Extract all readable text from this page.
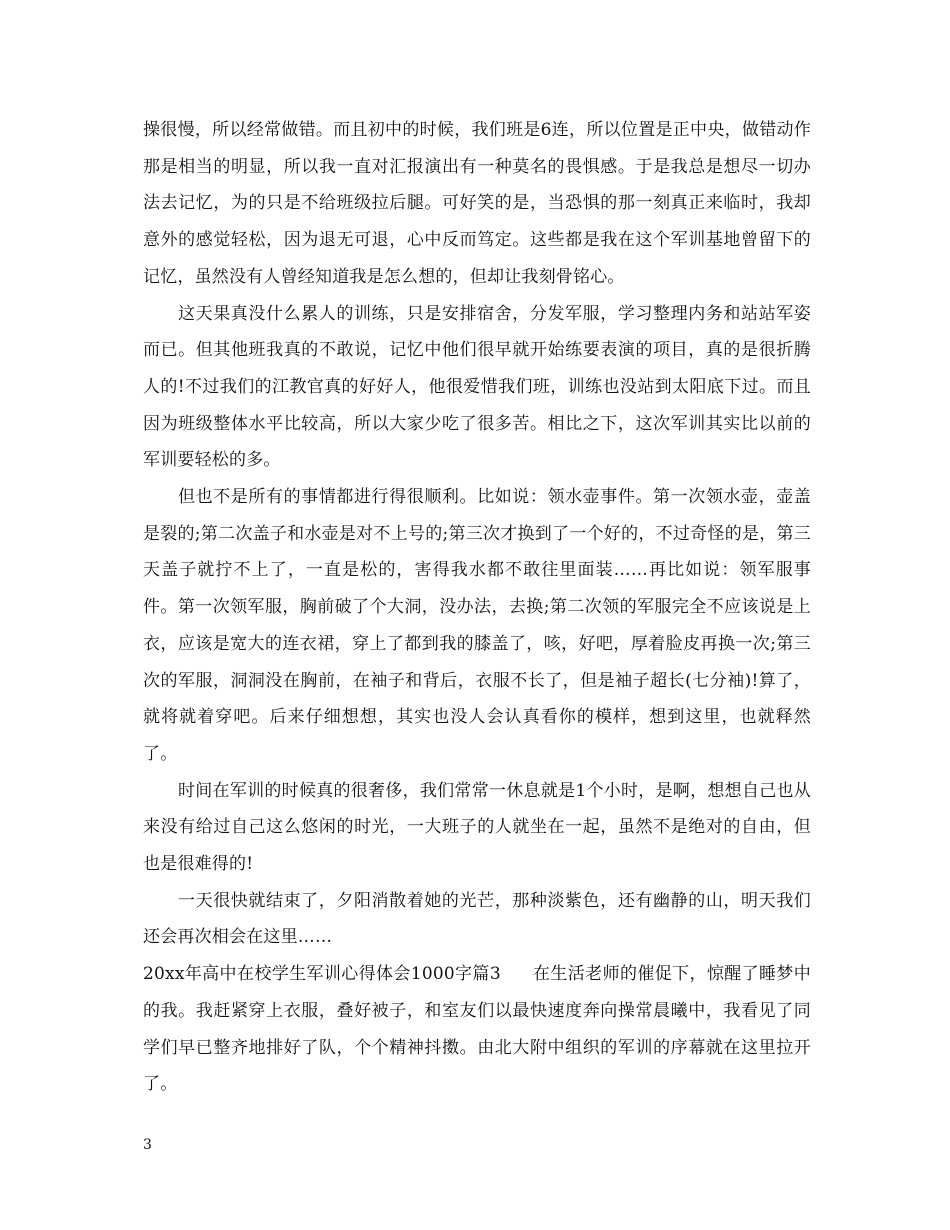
操很慢，所以经常做错。而且初中的时候，我们班是6连，所以位置是正中央，做错动作那是相当的明显，所以我一直对汇报演出有一种莫名的畏惧感。于是我总是想尽一切办法去记忆，为的只是不给班级拉后腿。可好笑的是，当恐惧的那一刻真正来临时，我却意外的感觉轻松，因为退无可退，心中反而笃定。这些都是我在这个军训基地曾留下的记忆，虽然没有人曾经知道我是怎么想的，但却让我刻骨铭心。

这天果真没什么累人的训练，只是安排宿舍，分发军服，学习整理内务和站站军姿而已。但其他班我真的不敢说，记忆中他们很早就开始练要表演的项目，真的是很折腾人的!不过我们的江教官真的好好人，他很爱惜我们班，训练也没站到太阳底下过。而且因为班级整体水平比较高，所以大家少吃了很多苦。相比之下，这次军训其实比以前的军训要轻松的多。

但也不是所有的事情都进行得很顺利。比如说：领水壶事件。第一次领水壶，壶盖是裂的;第二次盖子和水壶是对不上号的;第三次才换到了一个好的，不过奇怪的是，第三天盖子就拧不上了，一直是松的，害得我水都不敢往里面装……再比如说：领军服事件。第一次领军服，胸前破了个大洞，没办法，去换;第二次领的军服完全不应该说是上衣，应该是宽大的连衣裙，穿上了都到我的膝盖了，咳，好吧，厚着脸皮再换一次;第三次的军服，洞洞没在胸前，在袖子和背后，衣服不长了，但是袖子超长(七分袖)!算了，就将就着穿吧。后来仔细想想，其实也没人会认真看你的模样，想到这里，也就释然了。

时间在军训的时候真的很奢侈，我们常常一休息就是1个小时，是啊，想想自己也从来没有给过自己这么悠闲的时光，一大班子的人就坐在一起，虽然不是绝对的自由，但也是很难得的!

一天很快就结束了，夕阳消散着她的光芒，那种淡紫色，还有幽静的山，明天我们还会再次相会在这里……

20xx年高中在校学生军训心得体会1000字篇3 在生活老师的催促下，惊醒了睡梦中的我。我赶紧穿上衣服，叠好被子，和室友们以最快速度奔向操常晨曦中，我看见了同学们早已整齐地排好了队，个个精神抖擞。由北大附中组织的军训的序幕就在这里拉开了。

3
